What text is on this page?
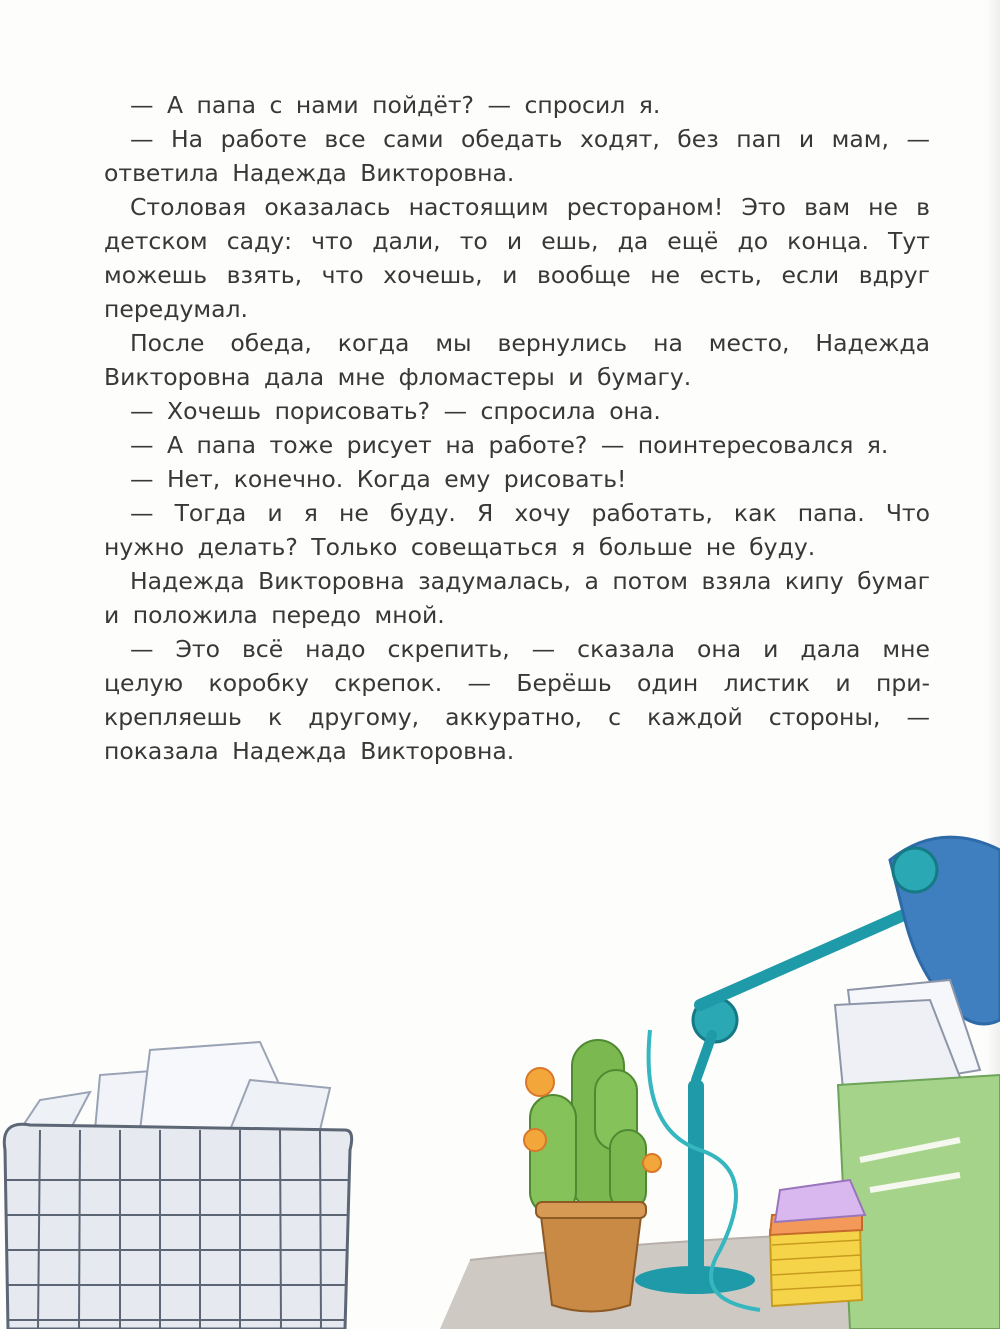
— А папа с нами пойдёт? — спросил я.

— На работе все сами обедать ходят, без пап и мам, — ответила Надежда Викторовна.

Столовая оказалась настоящим рестораном! Это вам не в детском саду: что дали, то и ешь, да ещё до конца. Тут можешь взять, что хочешь, и вообще не есть, если вдруг передумал.

После обеда, когда мы вернулись на место, Надежда Викторовна дала мне фломастеры и бумагу.

— Хочешь порисовать? — спросила она.

— А папа тоже рисует на работе? — поинтересовался я.

— Нет, конечно. Когда ему рисовать!

— Тогда и я не буду. Я хочу работать, как папа. Что нужно делать? Только совещаться я больше не буду.

Надежда Викторовна задумалась, а потом взяла кипу бумаг и положила передо мной.

— Это всё надо скрепить, — сказала она и дала мне целую коробку скрепок. — Берёшь один листик и прикрепляешь к другому, аккуратно, с каждой стороны, — показала Надежда Викторовна.
